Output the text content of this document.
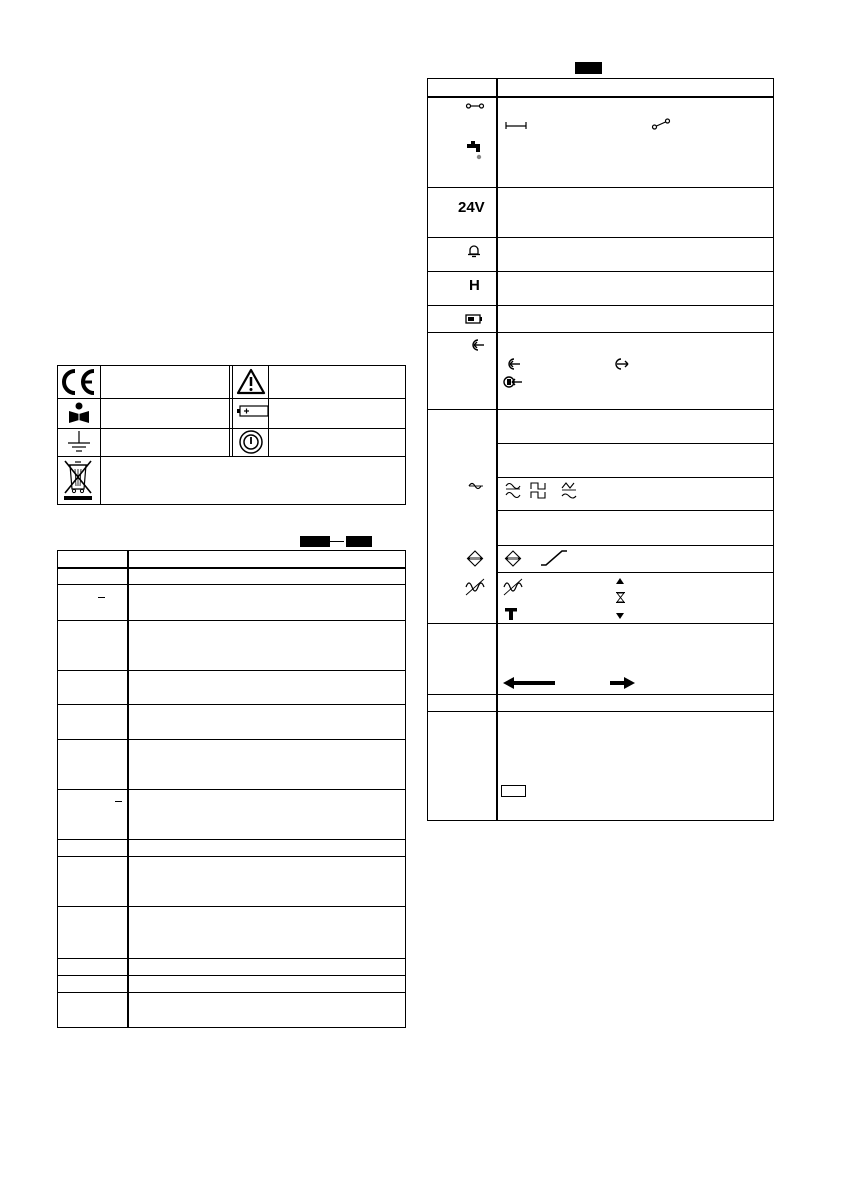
24V
H
